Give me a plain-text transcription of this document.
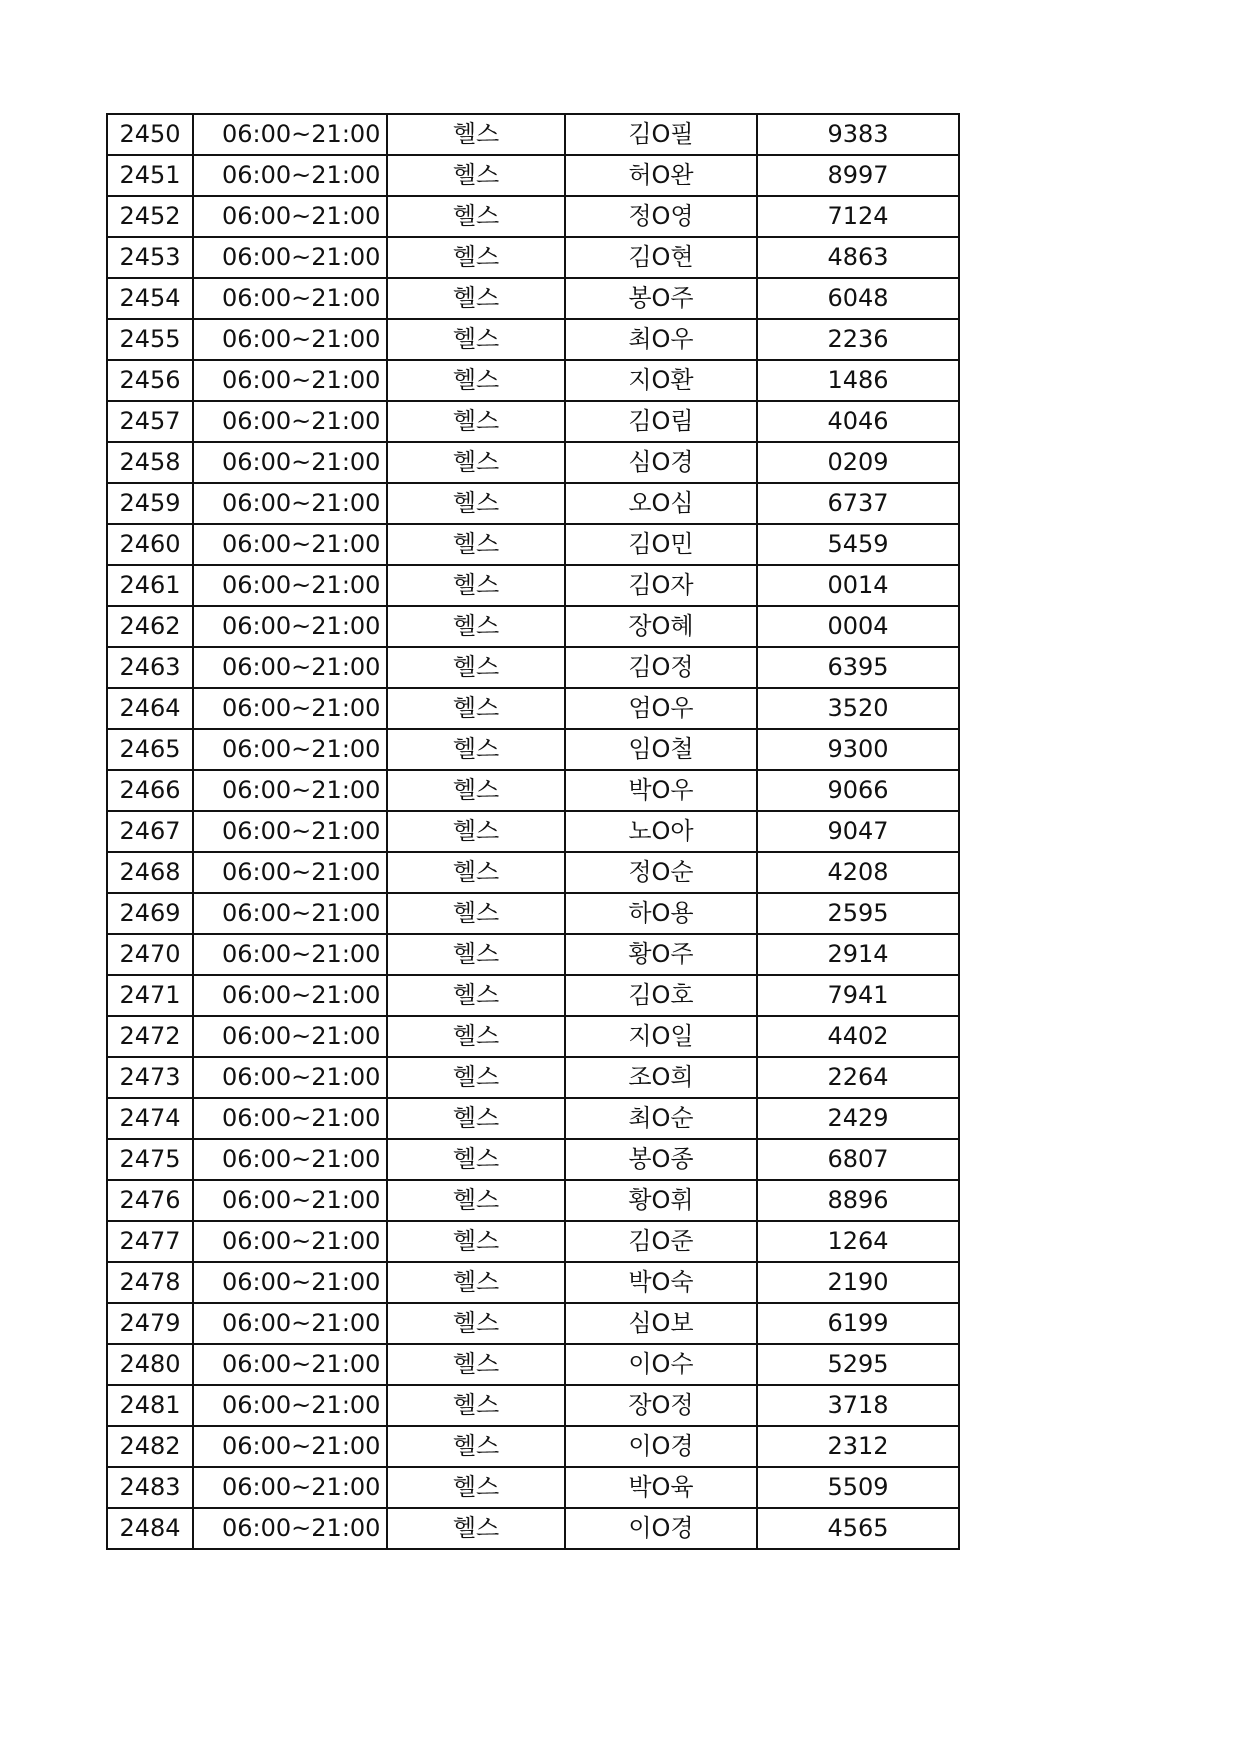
2450	06:00~21:00	헬스	김O필	9383
2451	06:00~21:00	헬스	허O완	8997
2452	06:00~21:00	헬스	정O영	7124
2453	06:00~21:00	헬스	김O현	4863
2454	06:00~21:00	헬스	봉O주	6048
2455	06:00~21:00	헬스	최O우	2236
2456	06:00~21:00	헬스	지O환	1486
2457	06:00~21:00	헬스	김O림	4046
2458	06:00~21:00	헬스	심O경	0209
2459	06:00~21:00	헬스	오O심	6737
2460	06:00~21:00	헬스	김O민	5459
2461	06:00~21:00	헬스	김O자	0014
2462	06:00~21:00	헬스	장O혜	0004
2463	06:00~21:00	헬스	김O정	6395
2464	06:00~21:00	헬스	엄O우	3520
2465	06:00~21:00	헬스	임O철	9300
2466	06:00~21:00	헬스	박O우	9066
2467	06:00~21:00	헬스	노O아	9047
2468	06:00~21:00	헬스	정O순	4208
2469	06:00~21:00	헬스	하O용	2595
2470	06:00~21:00	헬스	황O주	2914
2471	06:00~21:00	헬스	김O호	7941
2472	06:00~21:00	헬스	지O일	4402
2473	06:00~21:00	헬스	조O희	2264
2474	06:00~21:00	헬스	최O순	2429
2475	06:00~21:00	헬스	봉O종	6807
2476	06:00~21:00	헬스	황O휘	8896
2477	06:00~21:00	헬스	김O준	1264
2478	06:00~21:00	헬스	박O숙	2190
2479	06:00~21:00	헬스	심O보	6199
2480	06:00~21:00	헬스	이O수	5295
2481	06:00~21:00	헬스	장O정	3718
2482	06:00~21:00	헬스	이O경	2312
2483	06:00~21:00	헬스	박O육	5509
2484	06:00~21:00	헬스	이O경	4565
